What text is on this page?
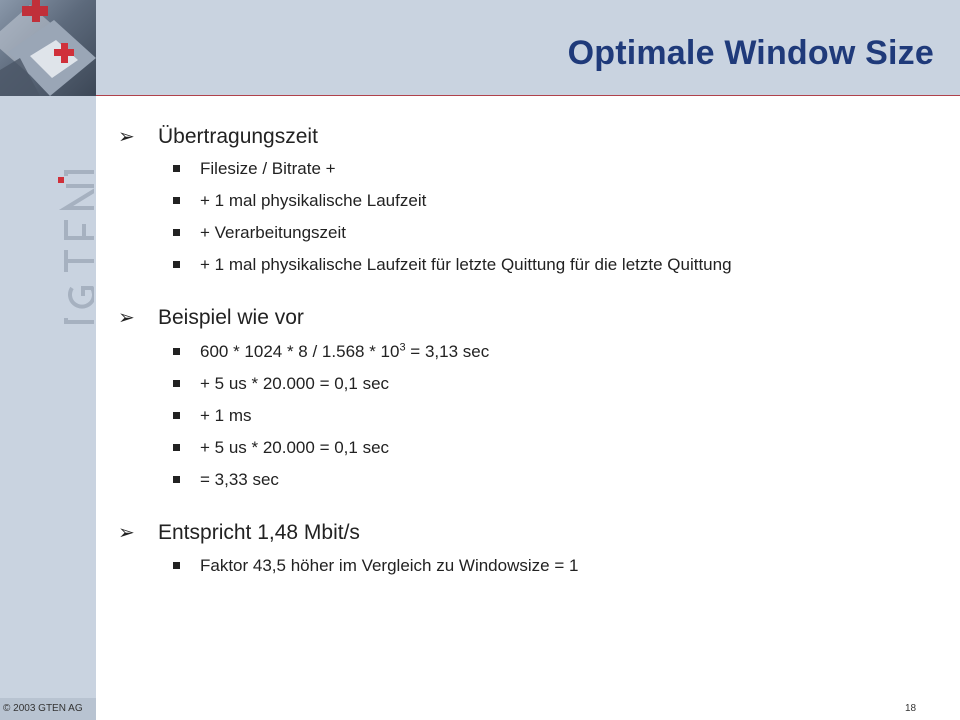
Optimale Window Size
➢ Übertragungszeit
Filesize / Bitrate +
+ 1 mal physikalische Laufzeit
+ Verarbeitungszeit
+ 1 mal physikalische Laufzeit für letzte Quittung für die letzte Quittung
➢ Beispiel wie vor
$600 * 1024 * 8 / 1.568 * 10^3 = 3,13$ sec
+ 5 us * 20.000 = 0,1 sec
+ 1 ms
+ 5 us * 20.000 = 0,1 sec
= 3,33 sec
➢ Entspricht 1,48 Mbit/s
Faktor 43,5 höher im Vergleich zu Windowsize = 1
© 2003 GTEN AG	18
